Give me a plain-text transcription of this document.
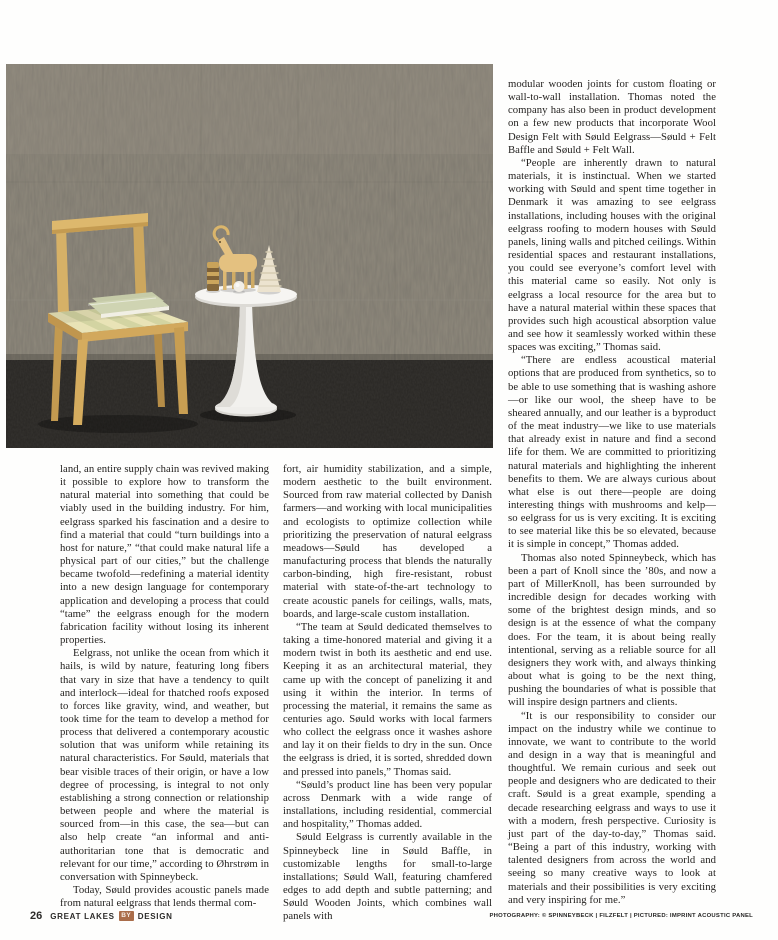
land, an entire supply chain was revived making it possible to explore how to transform the natural material into something that could be viably used in the building industry. For him, eelgrass sparked his fascination and a desire to find a material that could “turn buildings into a host for nature,” “that could make natural life a physical part of our cities,” but the challenge became twofold—redefining a material identity into a new design language for contemporary application and developing a process that could “tame” the eelgrass enough for the modern fabrication facility without losing its inherent properties.

Eelgrass, not unlike the ocean from which it hails, is wild by nature, featuring long fibers that vary in size that have a tendency to quilt and interlock—ideal for thatched roofs exposed to forces like gravity, wind, and weather, but took time for the team to develop a method for process that delivered a contemporary acoustic solution that was uniform while retaining its natural characteristics. For Søuld, materials that bear visible traces of their origin, or have a low degree of processing, is integral to not only establishing a strong connection or relationship between people and where the material is sourced from—in this case, the sea—but can also help create “an informal and anti-authoritarian tone that is democratic and relevant for our time,” according to Øhrstrøm in conversation with Spinneybeck.

Today, Søuld provides acoustic panels made from natural eelgrass that lends thermal com-

fort, air humidity stabilization, and a simple, modern aesthetic to the built environment. Sourced from raw material collected by Danish farmers—and working with local municipalities and ecologists to optimize collection while prioritizing the preservation of natural eelgrass meadows—Søuld has developed a manufacturing process that blends the naturally carbon-binding, high fire-resistant, robust material with state-of-the-art technology to create acoustic panels for ceilings, walls, mats, boards, and large-scale custom installation.

“The team at Søuld dedicated themselves to taking a time-honored material and giving it a modern twist in both its aesthetic and end use. Keeping it as an architectural material, they came up with the concept of panelizing it and using it within the interior. In terms of processing the material, it remains the same as centuries ago. Søuld works with local farmers who collect the eelgrass once it washes ashore and lay it on their fields to dry in the sun. Once the eelgrass is dried, it is sorted, shredded down and pressed into panels,” Thomas said.

“Søuld’s product line has been very popular across Denmark with a wide range of installations, including residential, commercial and hospitality,” Thomas added.

Søuld Eelgrass is currently available in the Spinneybeck line in Søuld Baffle, in customizable lengths for small-to-large installations; Søuld Wall, featuring chamfered edges to add depth and subtle patterning; and Søuld Wooden Joints, which combines wall panels with

modular wooden joints for custom floating or wall-to-wall installation. Thomas noted the company has also been in product development on a few new products that incorporate Wool Design Felt with Søuld Eelgrass—Søuld + Felt Baffle and Søuld + Felt Wall.

“People are inherently drawn to natural materials, it is instinctual. When we started working with Søuld and spent time together in Denmark it was amazing to see eelgrass installations, including houses with the original eelgrass roofing to modern houses with Søuld panels, lining walls and pitched ceilings. Within residential spaces and restaurant installations, you could see everyone’s comfort level with this material came so easily. Not only is eelgrass a local resource for the area but to have a natural material within these spaces that provides such high acoustical absorption value and see how it seamlessly worked within these spaces was exciting,” Thomas said.

“There are endless acoustical material options that are produced from synthetics, so to be able to use something that is washing ashore—or like our wool, the sheep have to be sheared annually, and our leather is a byproduct of the meat industry—we like to use materials that already exist in nature and find a second life for them. We are committed to prioritizing natural materials and highlighting the inherent benefits to them. We are always curious about what else is out there—people are doing interesting things with mushrooms and kelp—so eelgrass for us is very exciting. It is exciting to see material like this be so elevated, because it is simple in concept,” Thomas added.

Thomas also noted Spinneybeck, which has been a part of Knoll since the ’80s, and now a part of MillerKnoll, has been surrounded by incredible design for decades working with some of the brightest design minds, and so design is at the essence of what the company does. For the team, it is about being really intentional, serving as a reliable source for all designers they work with, and always thinking about what is going to be the next thing, pushing the boundaries of what is possible that will inspire design partners and clients.

“It is our responsibility to consider our impact on the industry while we continue to innovate, we want to contribute to the world and design in a way that is meaningful and thoughtful. We remain curious and seek out people and designers who are dedicated to their craft. Søuld is a great example, spending a decade researching eelgrass and ways to use it with a modern, fresh perspective. Curiosity is just part of the day-to-day,” Thomas said. “Being a part of this industry, working with talented designers from across the world and seeing so many creative ways to look at materials and their possibilities is very exciting and very inspiring for me.”

26 GREAT LAKES	BY DESIGN	PHOTOGRAPHY: © SPINNEYBECK | FILZFELT | PICTURED: IMPRINT ACOUSTIC PANEL
